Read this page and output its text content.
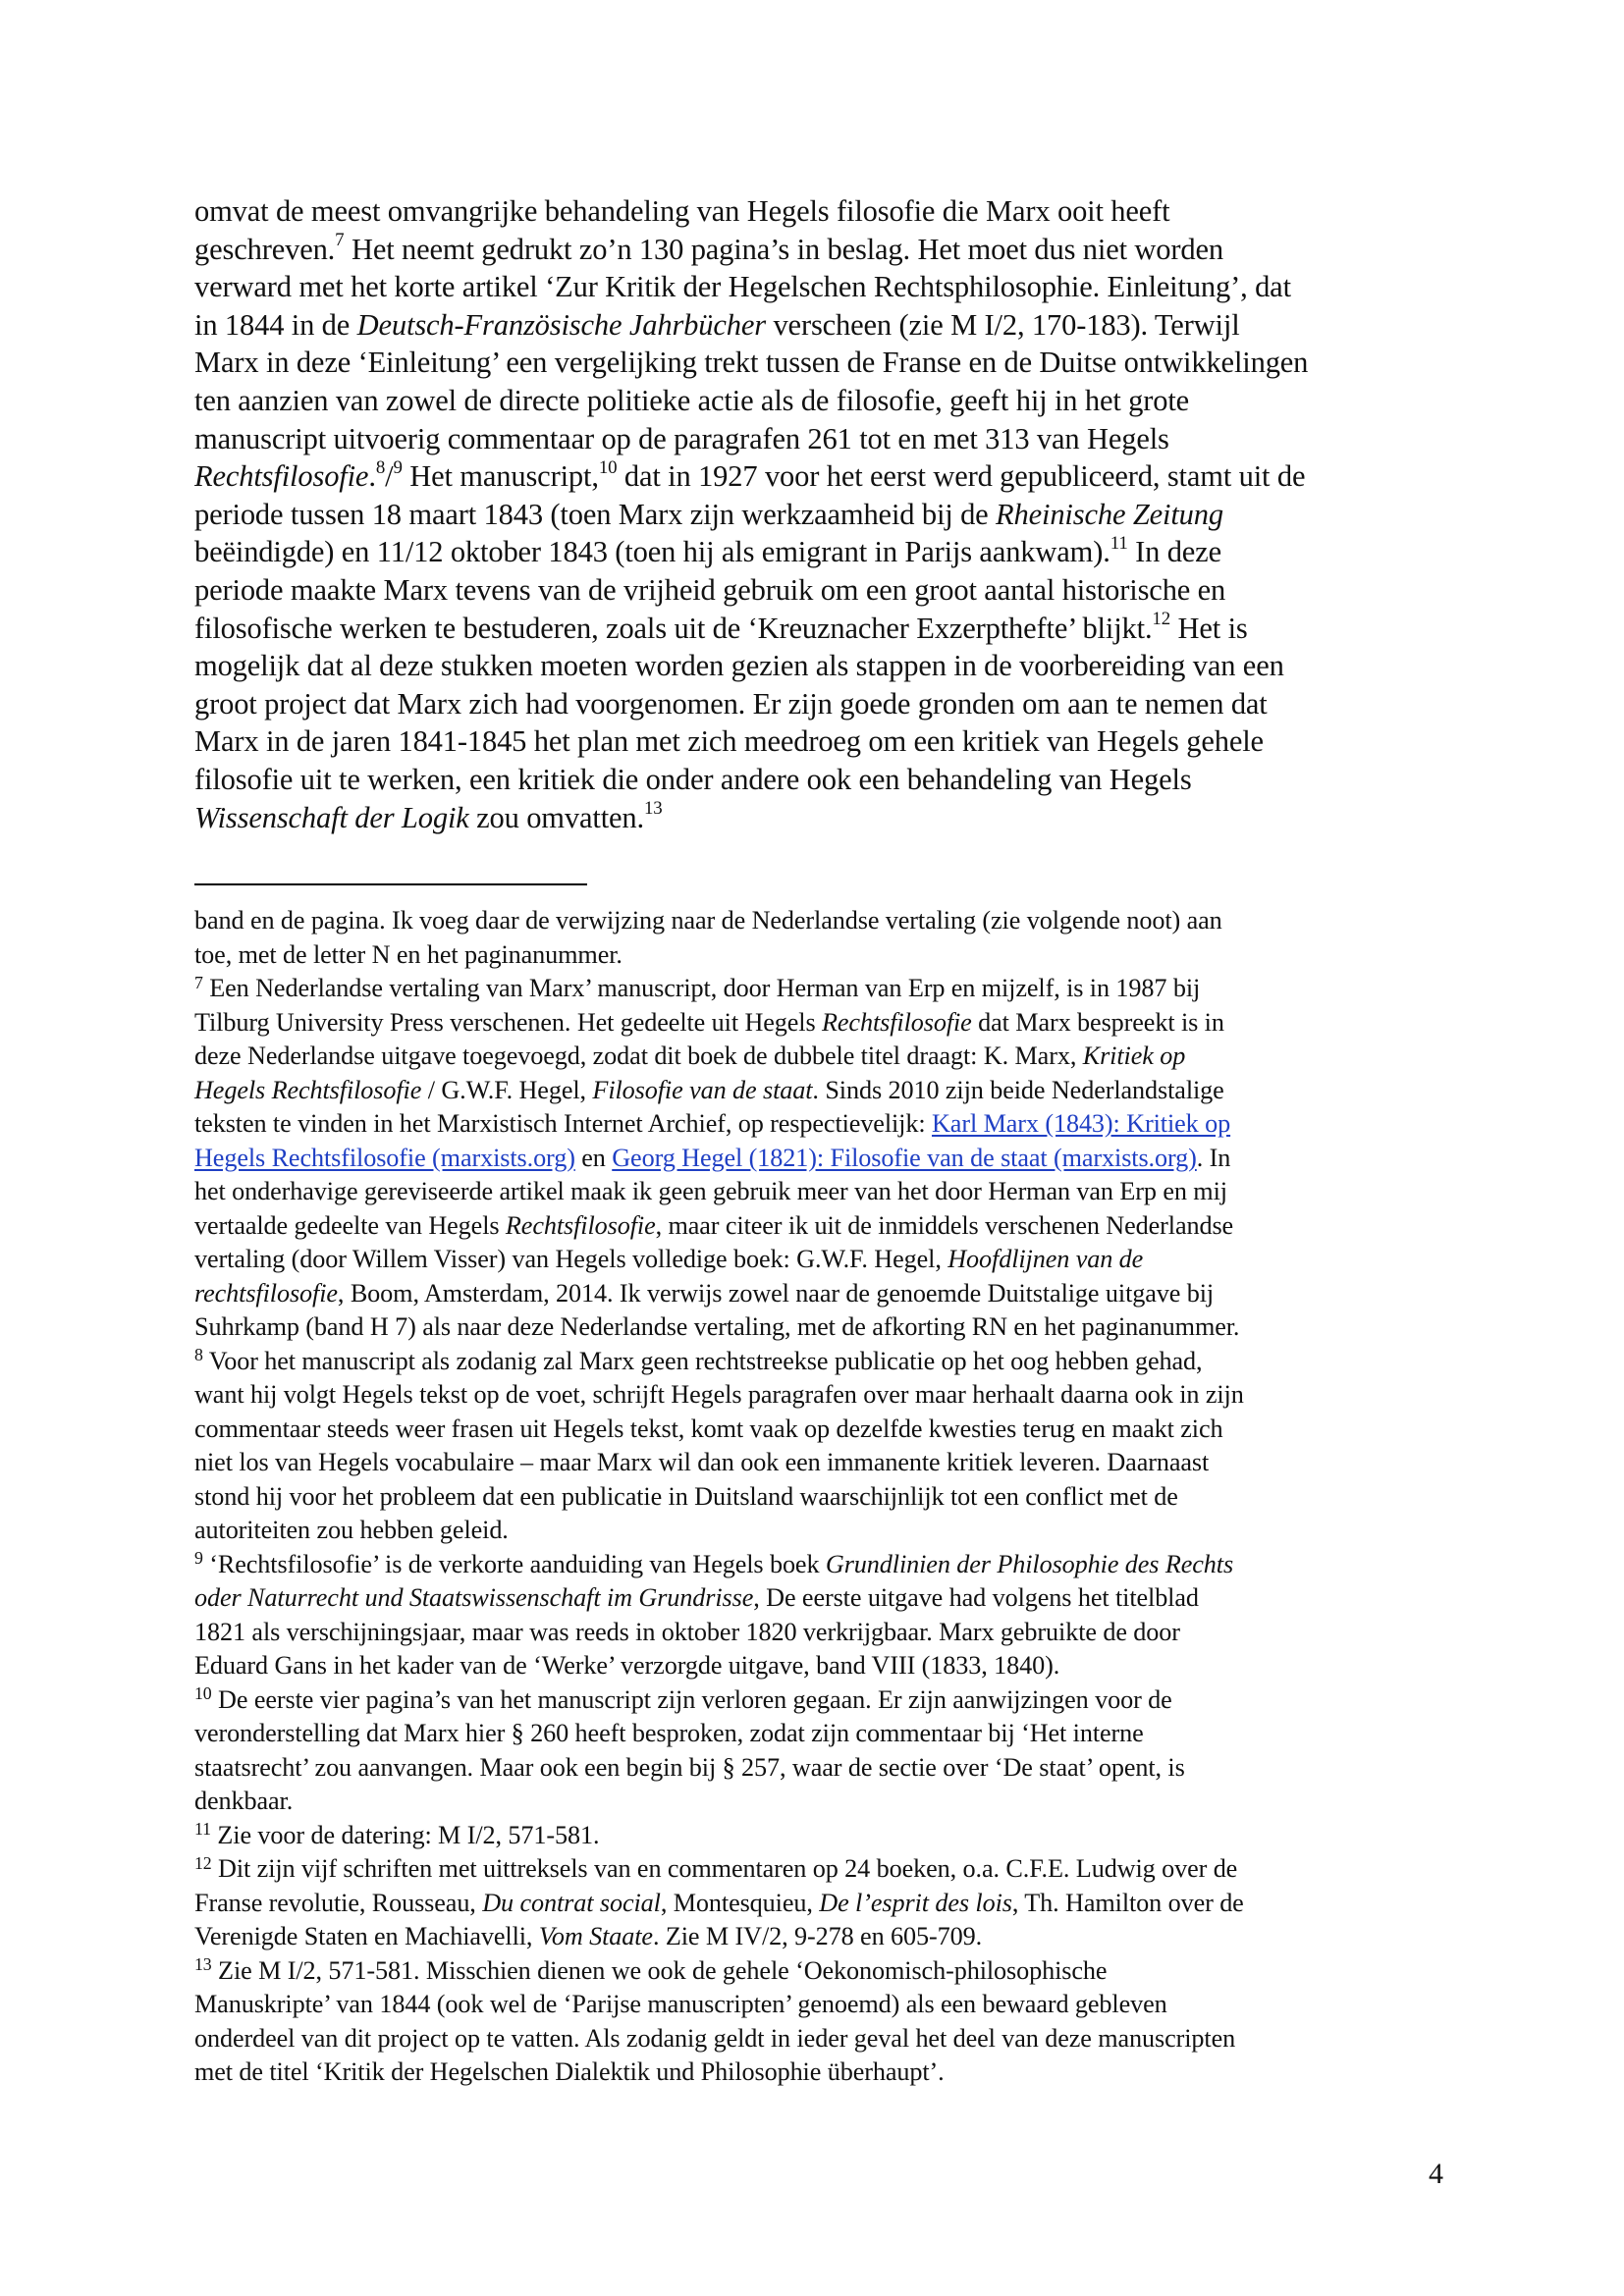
omvat de meest omvangrijke behandeling van Hegels filosofie die Marx ooit heeft
geschreven.$^7$ Het neemt gedrukt zo’n 130 pagina’s in beslag. Het moet dus niet worden
verward met het korte artikel ‘Zur Kritik der Hegelschen Rechtsphilosophie. Einleitung’, dat
in 1844 in de Deutsch-Französische Jahrbücher verscheen (zie M I/2, 170-183). Terwijl
Marx in deze ‘Einleitung’ een vergelijking trekt tussen de Franse en de Duitse ontwikkelingen
ten aanzien van zowel de directe politieke actie als de filosofie, geeft hij in het grote
manuscript uitvoerig commentaar op de paragrafen 261 tot en met 313 van Hegels
Rechtsfilosofie.$^8$/$^9$ Het manuscript,$^{10}$ dat in 1927 voor het eerst werd gepubliceerd, stamt uit de
periode tussen 18 maart 1843 (toen Marx zijn werkzaamheid bij de Rheinische Zeitung
beëindigde) en 11/12 oktober 1843 (toen hij als emigrant in Parijs aankwam).$^{11}$ In deze
periode maakte Marx tevens van de vrijheid gebruik om een groot aantal historische en
filosofische werken te bestuderen, zoals uit de ‘Kreuznacher Exzerpthefte’ blijkt.$^{12}$ Het is
mogelijk dat al deze stukken moeten worden gezien als stappen in de voorbereiding van een
groot project dat Marx zich had voorgenomen. Er zijn goede gronden om aan te nemen dat
Marx in de jaren 1841-1845 het plan met zich meedroeg om een kritiek van Hegels gehele
filosofie uit te werken, een kritiek die onder andere ook een behandeling van Hegels
Wissenschaft der Logik zou omvatten.$^{13}$
band en de pagina. Ik voeg daar de verwijzing naar de Nederlandse vertaling (zie volgende noot) aan
toe, met de letter N en het paginanummer.
$^7$ Een Nederlandse vertaling van Marx’ manuscript, door Herman van Erp en mijzelf, is in 1987 bij
Tilburg University Press verschenen. Het gedeelte uit Hegels Rechtsfilosofie dat Marx bespreekt is in
deze Nederlandse uitgave toegevoegd, zodat dit boek de dubbele titel draagt: K. Marx, Kritiek op
Hegels Rechtsfilosofie / G.W.F. Hegel, Filosofie van de staat. Sinds 2010 zijn beide Nederlandstalige
teksten te vinden in het Marxistisch Internet Archief, op respectievelijk: Karl Marx (1843): Kritiek op
Hegels Rechtsfilosofie (marxists.org) en Georg Hegel (1821): Filosofie van de staat (marxists.org). In
het onderhavige gereviseerde artikel maak ik geen gebruik meer van het door Herman van Erp en mij
vertaalde gedeelte van Hegels Rechtsfilosofie, maar citeer ik uit de inmiddels verschenen Nederlandse
vertaling (door Willem Visser) van Hegels volledige boek: G.W.F. Hegel, Hoofdlijnen van de
rechtsfilosofie, Boom, Amsterdam, 2014. Ik verwijs zowel naar de genoemde Duitstalige uitgave bij
Suhrkamp (band H 7) als naar deze Nederlandse vertaling, met de afkorting RN en het paginanummer.
$^8$ Voor het manuscript als zodanig zal Marx geen rechtstreekse publicatie op het oog hebben gehad,
want hij volgt Hegels tekst op de voet, schrijft Hegels paragrafen over maar herhaalt daarna ook in zijn
commentaar steeds weer frasen uit Hegels tekst, komt vaak op dezelfde kwesties terug en maakt zich
niet los van Hegels vocabulaire – maar Marx wil dan ook een immanente kritiek leveren. Daarnaast
stond hij voor het probleem dat een publicatie in Duitsland waarschijnlijk tot een conflict met de
autoriteiten zou hebben geleid.
$^9$ ‘Rechtsfilosofie’ is de verkorte aanduiding van Hegels boek Grundlinien der Philosophie des Rechts
oder Naturrecht und Staatswissenschaft im Grundrisse, De eerste uitgave had volgens het titelblad
1821 als verschijningsjaar, maar was reeds in oktober 1820 verkrijgbaar. Marx gebruikte de door
Eduard Gans in het kader van de ‘Werke’ verzorgde uitgave, band VIII (1833, 1840).
$^{10}$ De eerste vier pagina’s van het manuscript zijn verloren gegaan. Er zijn aanwijzingen voor de
veronderstelling dat Marx hier § 260 heeft besproken, zodat zijn commentaar bij ‘Het interne
staatsrecht’ zou aanvangen. Maar ook een begin bij § 257, waar de sectie over ‘De staat’ opent, is
denkbaar.
$^{11}$ Zie voor de datering: M I/2, 571-581.
$^{12}$ Dit zijn vijf schriften met uittreksels van en commentaren op 24 boeken, o.a. C.F.E. Ludwig over de
Franse revolutie, Rousseau, Du contrat social, Montesquieu, De l’esprit des lois, Th. Hamilton over de
Verenigde Staten en Machiavelli, Vom Staate. Zie M IV/2, 9-278 en 605-709.
$^{13}$ Zie M I/2, 571-581. Misschien dienen we ook de gehele ‘Oekonomisch-philosophische
Manuskripte’ van 1844 (ook wel de ‘Parijse manuscripten’ genoemd) als een bewaard gebleven
onderdeel van dit project op te vatten. Als zodanig geldt in ieder geval het deel van deze manuscripten
met de titel ‘Kritik der Hegelschen Dialektik und Philosophie überhaupt’.
4
